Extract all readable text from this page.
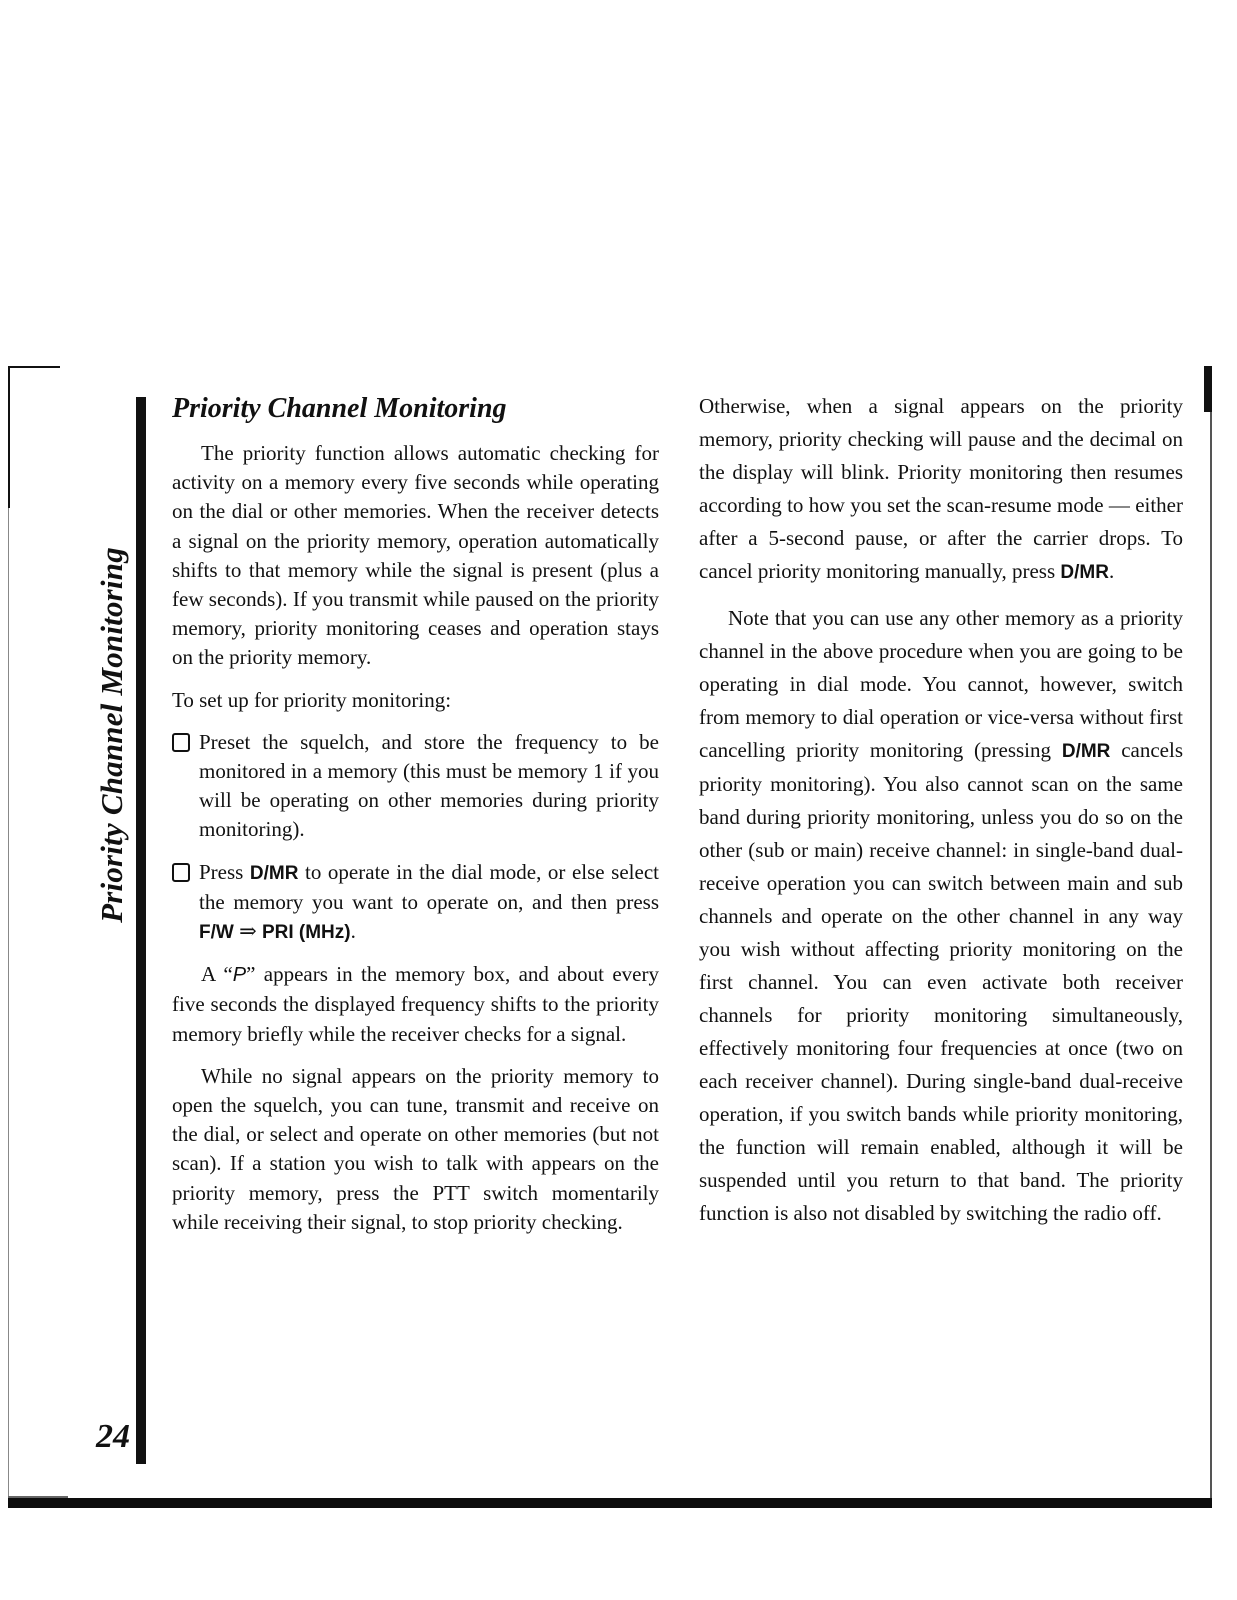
Priority Channel Monitoring
24

Priority Channel Monitoring

The priority function allows automatic checking for activity on a memory every five seconds while operating on the dial or other memories. When the receiver detects a signal on the priority memory, operation automatically shifts to that memory while the signal is present (plus a few seconds). If you transmit while paused on the priority memory, priority monitoring ceases and operation stays on the priority memory.

To set up for priority monitoring:

Preset the squelch, and store the frequency to be monitored in a memory (this must be memory 1 if you will be operating on other memories during priority monitoring).
Press D/MR to operate in the dial mode, or else select the memory you want to operate on, and then press F/W ⇒ PRI (MHz).

A “P” appears in the memory box, and about every five seconds the displayed frequency shifts to the priority memory briefly while the receiver checks for a signal.

While no signal appears on the priority memory to open the squelch, you can tune, transmit and receive on the dial, or select and operate on other memories (but not scan). If a station you wish to talk with appears on the priority memory, press the PTT switch momentarily while receiving their signal, to stop priority checking.

Otherwise, when a signal appears on the priority memory, priority checking will pause and the decimal on the display will blink. Priority monitoring then resumes according to how you set the scan-resume mode — either after a 5-second pause, or after the carrier drops. To cancel priority monitoring manually, press D/MR.

Note that you can use any other memory as a priority channel in the above procedure when you are going to be operating in dial mode. You cannot, however, switch from memory to dial operation or vice-versa without first cancelling priority monitoring (pressing D/MR cancels priority monitoring). You also cannot scan on the same band during priority monitoring, unless you do so on the other (sub or main) receive channel: in single-band dual-receive operation you can switch between main and sub channels and operate on the other channel in any way you wish without affecting priority monitoring on the first channel. You can even activate both receiver channels for priority monitoring simultaneously, effectively monitoring four frequencies at once (two on each receiver channel). During single-band dual-receive operation, if you switch bands while priority monitoring, the function will remain enabled, although it will be suspended until you return to that band. The priority function is also not disabled by switching the radio off.
